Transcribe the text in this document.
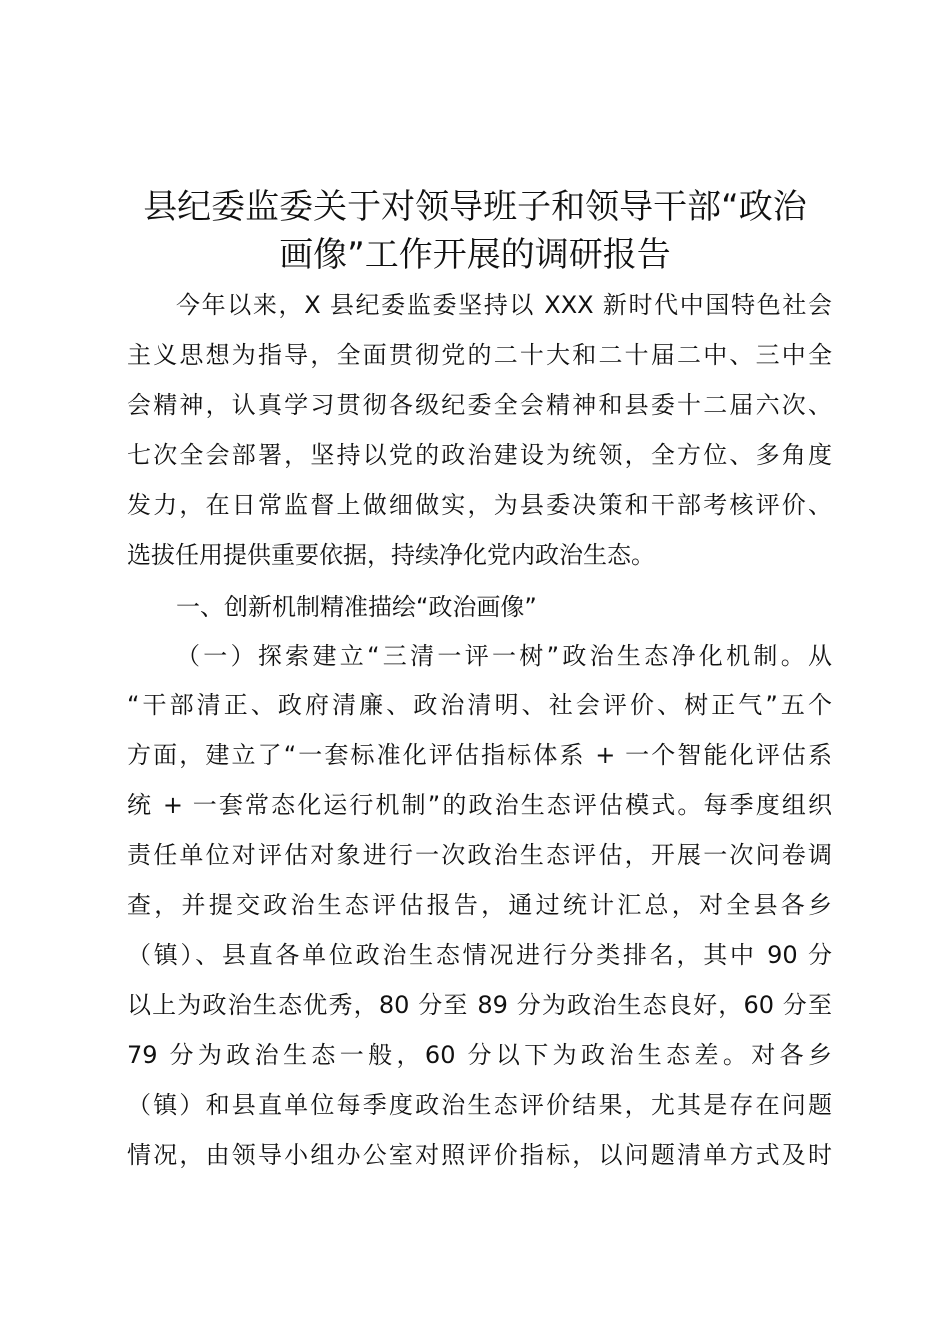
县纪委监委关于对领导班子和领导干部“政治
画像”工作开展的调研报告

今年以来，X 县纪委监委坚持以 XXX 新时代中国特色社会

主义思想为指导，全面贯彻党的二十大和二十届二中、三中全

会精神，认真学习贯彻各级纪委全会精神和县委十二届六次、

七次全会部署，坚持以党的政治建设为统领，全方位、多角度

发力，在日常监督上做细做实，为县委决策和干部考核评价、

选拔任用提供重要依据，持续净化党内政治生态。

一、创新机制精准描绘“政治画像”

（一）探索建立“三清一评一树”政治生态净化机制。从

“干部清正、政府清廉、政治清明、社会评价、树正气”五个

方面，建立了“一套标准化评估指标体系 + 一个智能化评估系

统 + 一套常态化运行机制”的政治生态评估模式。每季度组织

责任单位对评估对象进行一次政治生态评估，开展一次问卷调

查，并提交政治生态评估报告，通过统计汇总，对全县各乡

（镇）、县直各单位政治生态情况进行分类排名，其中 90 分

以上为政治生态优秀，80 分至 89 分为政治生态良好，60 分至

79 分为政治生态一般，60 分以下为政治生态差。对各乡

（镇）和县直单位每季度政治生态评价结果，尤其是存在问题

情况，由领导小组办公室对照评价指标，以问题清单方式及时
